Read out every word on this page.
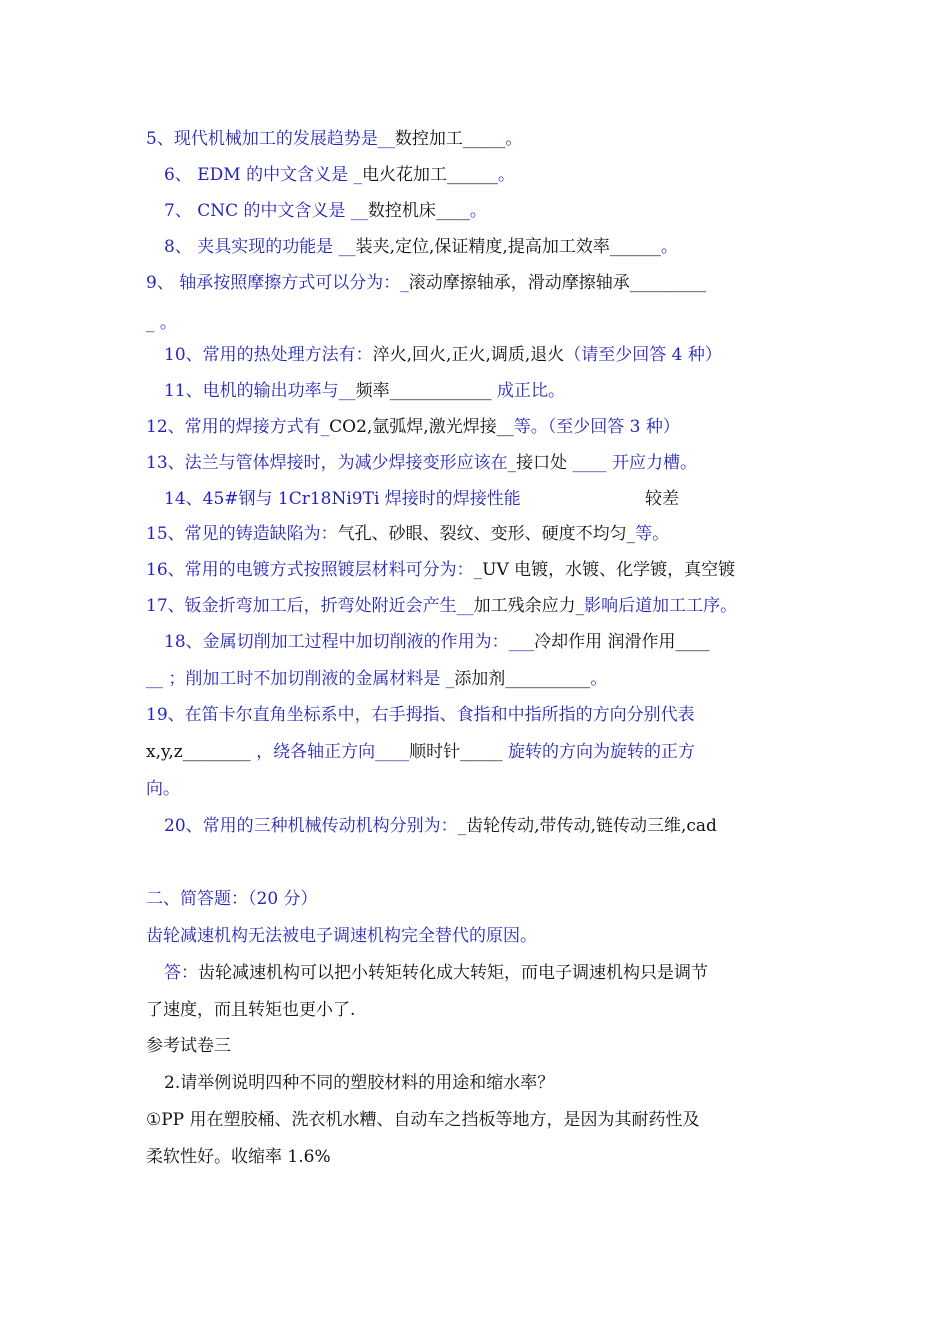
5、现代机械加工的发展趋势是__数控加工_____。
6、 EDM 的中文含义是 _电火花加工______。
7、 CNC 的中文含义是 __数控机床____。
8、 夹具实现的功能是 __装夹,定位,保证精度,提高加工效率______。
9、 轴承按照摩擦方式可以分为：_滚动摩擦轴承，滑动摩擦轴承_________
_ 。
10、常用的热处理方法有：淬火,回火,正火,调质,退火（请至少回答 4 种）
11、电机的输出功率与__频率____________ 成正比。
12、常用的焊接方式有_CO2,氩弧焊,激光焊接__等。（至少回答 3 种）
13、法兰与管体焊接时，为减少焊接变形应该在_接口处 ____ 开应力槽。
14、45#钢与 1Cr18Ni9Ti 焊接时的焊接性能	较差
15、常见的铸造缺陷为：气孔、砂眼、裂纹、变形、硬度不均匀_等。
16、常用的电镀方式按照镀层材料可分为：_UV 电镀，水镀、化学镀，真空镀
17、钣金折弯加工后，折弯处附近会产生__加工残余应力_影响后道加工工序。
18、金属切削加工过程中加切削液的作用为：___冷却作用 润滑作用____
__ ；削加工时不加切削液的金属材料是 _添加剂__________。
19、在笛卡尔直角坐标系中，右手拇指、食指和中指所指的方向分别代表
x,y,z________ ，绕各轴正方向____顺时针_____ 旋转的方向为旋转的正方
向。
20、常用的三种机械传动机构分别为：_齿轮传动,带传动,链传动三维,cad
二、简答题：（20 分）
齿轮减速机构无法被电子调速机构完全替代的原因。
答：齿轮减速机构可以把小转矩转化成大转矩，而电子调速机构只是调节
了速度，而且转矩也更小了.
参考试卷三
2.请举例说明四种不同的塑胶材料的用途和缩水率？
①PP 用在塑胶桶、洗衣机水糟、自动车之挡板等地方，是因为其耐药性及
柔软性好。收缩率 1.6%
